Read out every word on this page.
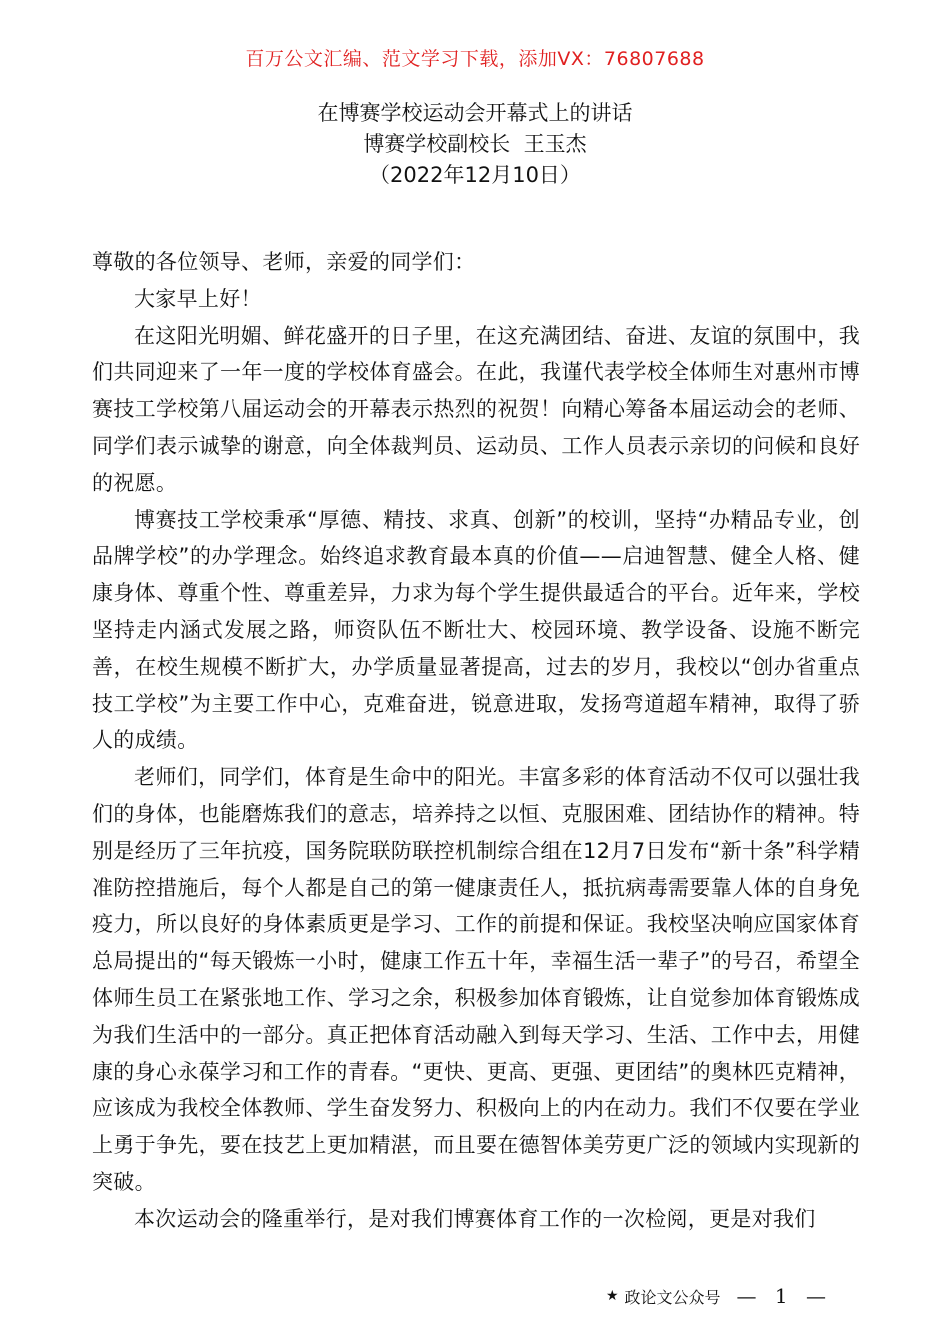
百万公文汇编、范文学习下载，添加VX：76807688
在博赛学校运动会开幕式上的讲话
博赛学校副校长  王玉杰
（2022年12月10日）

尊敬的各位领导、老师，亲爱的同学们：

大家早上好！

在这阳光明媚、鲜花盛开的日子里，在这充满团结、奋进、友谊的氛围中，我们共同迎来了一年一度的学校体育盛会。在此，我谨代表学校全体师生对惠州市博赛技工学校第八届运动会的开幕表示热烈的祝贺！向精心筹备本届运动会的老师、同学们表示诚挚的谢意，向全体裁判员、运动员、工作人员表示亲切的问候和良好的祝愿。

博赛技工学校秉承“厚德、精技、求真、创新”的校训，坚持“办精品专业，创品牌学校”的办学理念。始终追求教育最本真的价值——启迪智慧、健全人格、健康身体、尊重个性、尊重差异，力求为每个学生提供最适合的平台。近年来，学校坚持走内涵式发展之路，师资队伍不断壮大、校园环境、教学设备、设施不断完善，在校生规模不断扩大，办学质量显著提高，过去的岁月，我校以“创办省重点技工学校”为主要工作中心，克难奋进，锐意进取，发扬弯道超车精神，取得了骄人的成绩。

老师们，同学们，体育是生命中的阳光。丰富多彩的体育活动不仅可以强壮我们的身体，也能磨炼我们的意志，培养持之以恒、克服困难、团结协作的精神。特别是经历了三年抗疫，国务院联防联控机制综合组在12月7日发布“新十条”科学精准防控措施后，每个人都是自己的第一健康责任人，抵抗病毒需要靠人体的自身免疫力，所以良好的身体素质更是学习、工作的前提和保证。我校坚决响应国家体育总局提出的“每天锻炼一小时，健康工作五十年，幸福生活一辈子”的号召，希望全体师生员工在紧张地工作、学习之余，积极参加体育锻炼，让自觉参加体育锻炼成为我们生活中的一部分。真正把体育活动融入到每天学习、生活、工作中去，用健康的身心永葆学习和工作的青春。“更快、更高、更强、更团结”的奥林匹克精神，应该成为我校全体教师、学生奋发努力、积极向上的内在动力。我们不仅要在学业上勇于争先，要在技艺上更加精湛，而且要在德智体美劳更广泛的领域内实现新的突破。

本次运动会的隆重举行，是对我们博赛体育工作的一次检阅，更是对我们

★ 政论文公众号 — 1 —
